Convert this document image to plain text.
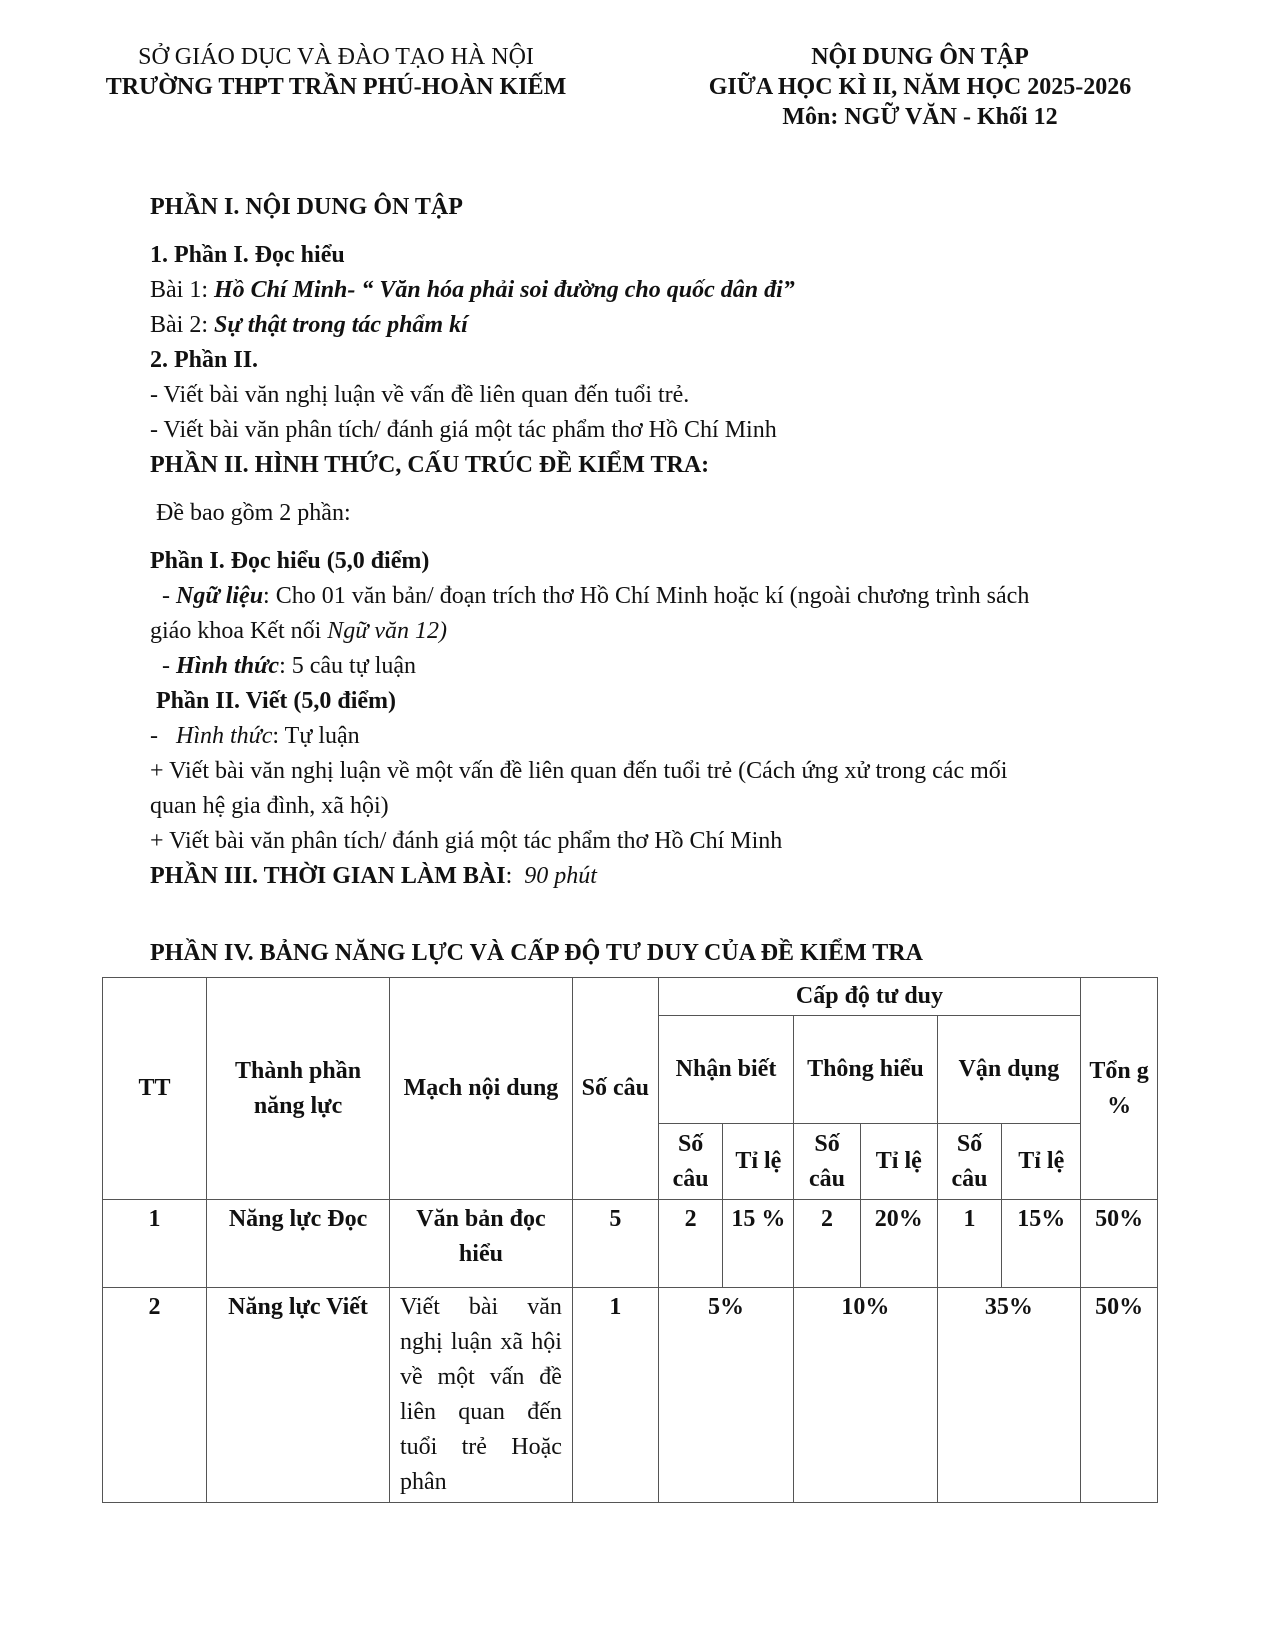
SỞ GIÁO DỤC VÀ ĐÀO TẠO HÀ NỘI
TRƯỜNG THPT TRẦN PHÚ-HOÀN KIẾM
NỘI DUNG ÔN TẬP
GIỮA HỌC KÌ II, NĂM HỌC 2025-2026
Môn: NGỮ VĂN - Khối 12

PHẦN I. NỘI DUNG ÔN TẬP

1. Phần I. Đọc hiểu

Bài 1: Hồ Chí Minh- “ Văn hóa phải soi đường cho quốc dân đi”

Bài 2: Sự thật trong tác phẩm kí

2. Phần II.

- Viết bài văn nghị luận về vấn đề liên quan đến tuổi trẻ.

- Viết bài văn phân tích/ đánh giá một tác phẩm thơ Hồ Chí Minh

PHẦN II. HÌNH THỨC, CẤU TRÚC ĐỀ KIỂM TRA:

Đề bao gồm 2 phần:

Phần I. Đọc hiểu (5,0 điểm)

- Ngữ liệu: Cho 01 văn bản/ đoạn trích thơ Hồ Chí Minh hoặc kí (ngoài chương trình sách

giáo khoa Kết nối Ngữ văn 12)

- Hình thức: 5 câu tự luận

Phần II. Viết (5,0 điểm)

-   Hình thức: Tự luận

+ Viết bài văn nghị luận về một vấn đề liên quan đến tuổi trẻ (Cách ứng xử trong các mối

quan hệ gia đình, xã hội)

+ Viết bài văn phân tích/ đánh giá một tác phẩm thơ Hồ Chí Minh

PHẦN III. THỜI GIAN LÀM BÀI:  90 phút

PHẦN IV. BẢNG NĂNG LỰC VÀ CẤP ĐỘ TƯ DUY CỦA ĐỀ KIỂM TRA
TT	Thành phần năng lực	Mạch nội dung	Số câu	Cấp độ tư duy						Tổn g %
				Nhận biết		Thông hiểu		Vận dụng		
				Số câu	Tỉ lệ	Số câu	Tỉ lệ	Số câu	Tỉ lệ	
1	Năng lực Đọc	Văn bản đọc hiểu	5	2	15 %	2	20%	1	15%	50%
2	Năng lực Viết	Viết bài văn nghị luận xã hội về một vấn đề liên quan đến tuổi trẻ Hoặc phân	1	5%		10%		35%		50%
